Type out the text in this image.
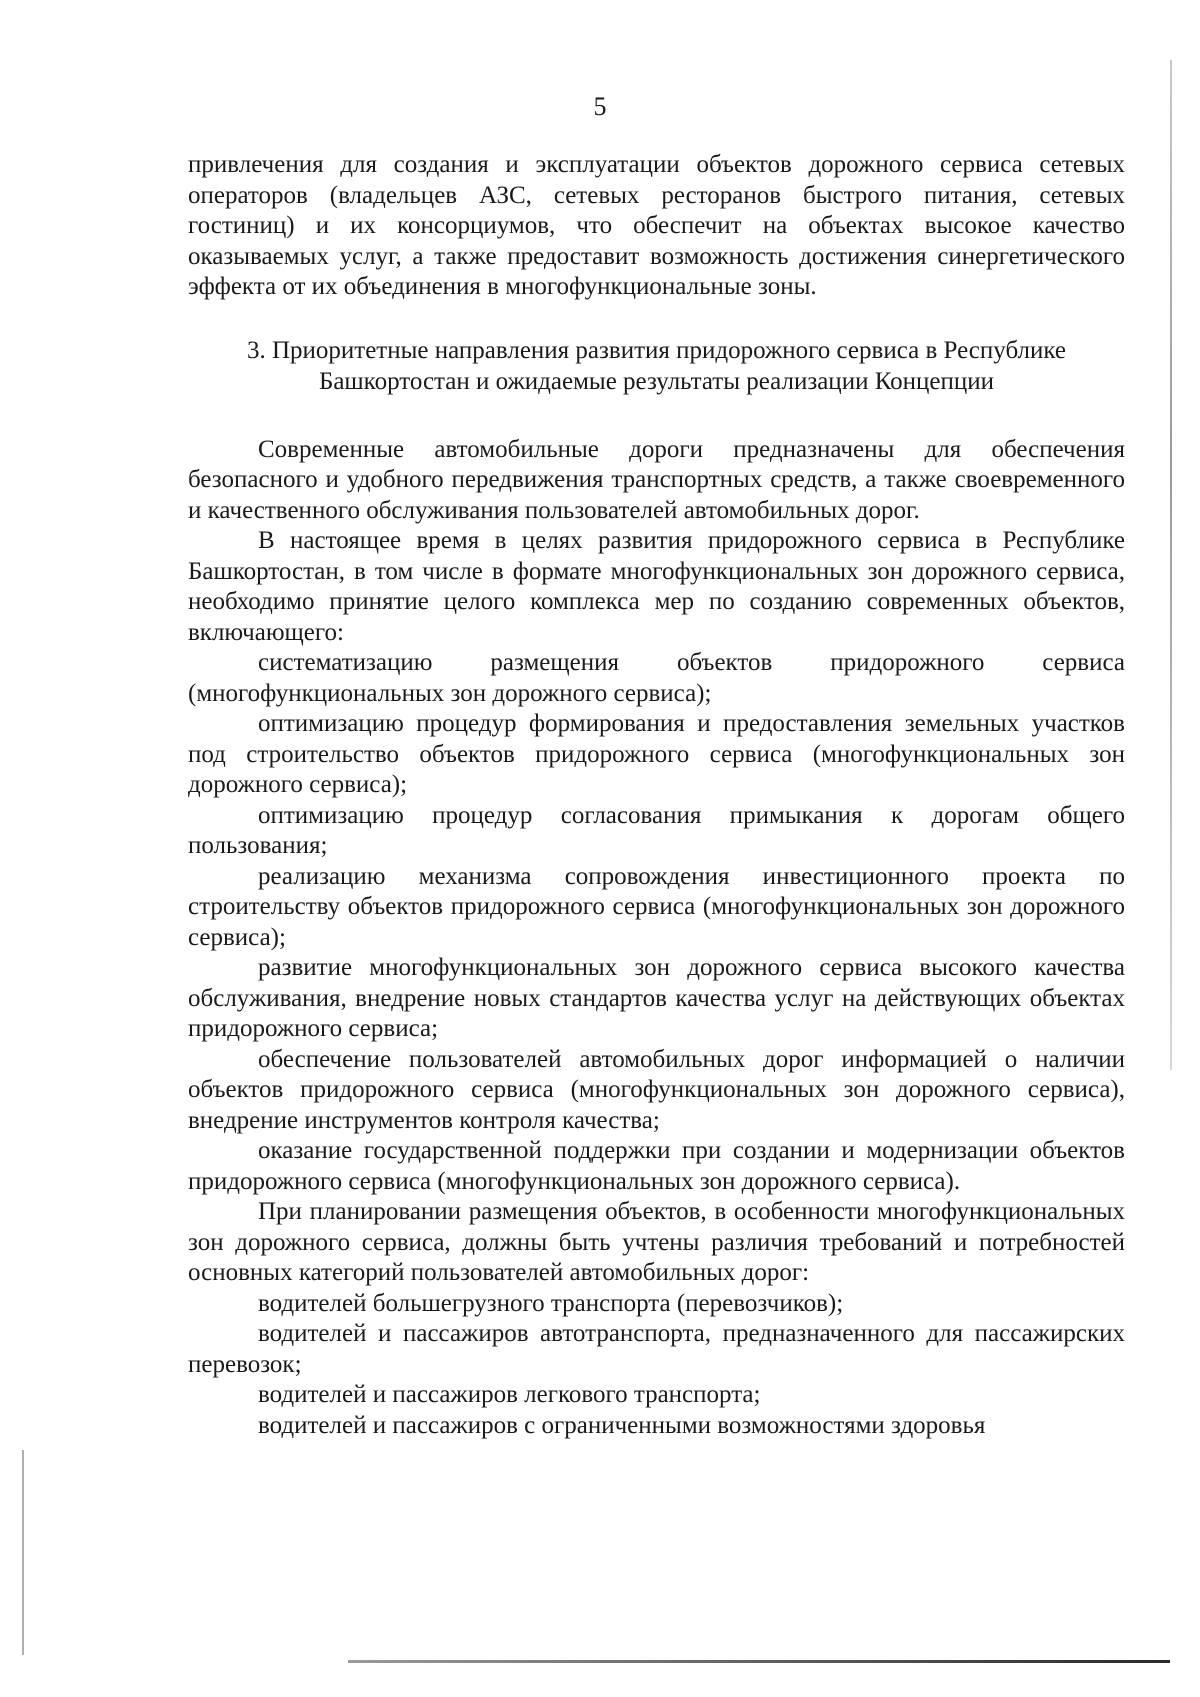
5

привлечения для создания и эксплуатации объектов дорожного сервиса сетевых операторов (владельцев АЗС, сетевых ресторанов быстрого питания, сетевых гостиниц) и их консорциумов, что обеспечит на объектах высокое качество оказываемых услуг, а также предоставит возможность достижения синергетического эффекта от их объединения в многофункциональные зоны.

3. Приоритетные направления развития придорожного сервиса в Республике
Башкортостан и ожидаемые результаты реализации Концепции

Современные автомобильные дороги предназначены для обеспечения безопасного и удобного передвижения транспортных средств, а также своевременного и качественного обслуживания пользователей автомобильных дорог.

В настоящее время в целях развития придорожного сервиса в Республике Башкортостан, в том числе в формате многофункциональных зон дорожного сервиса, необходимо принятие целого комплекса мер по созданию современных объектов, включающего:

систематизацию размещения объектов придорожного сервиса (многофункциональных зон дорожного сервиса);

оптимизацию процедур формирования и предоставления земельных участков под строительство объектов придорожного сервиса (многофункциональных зон дорожного сервиса);

оптимизацию процедур согласования примыкания к дорогам общего пользования;

реализацию механизма сопровождения инвестиционного проекта по строительству объектов придорожного сервиса (многофункциональных зон дорожного сервиса);

развитие многофункциональных зон дорожного сервиса высокого качества обслуживания, внедрение новых стандартов качества услуг на действующих объектах придорожного сервиса;

обеспечение пользователей автомобильных дорог информацией о наличии объектов придорожного сервиса (многофункциональных зон дорожного сервиса), внедрение инструментов контроля качества;

оказание государственной поддержки при создании и модернизации объектов придорожного сервиса (многофункциональных зон дорожного сервиса).

При планировании размещения объектов, в особенности многофункциональных зон дорожного сервиса, должны быть учтены различия требований и потребностей основных категорий пользователей автомобильных дорог:

водителей большегрузного транспорта (перевозчиков);

водителей и пассажиров автотранспорта, предназначенного для пассажирских перевозок;

водителей и пассажиров легкового транспорта;

водителей и пассажиров с ограниченными возможностями здоровья
